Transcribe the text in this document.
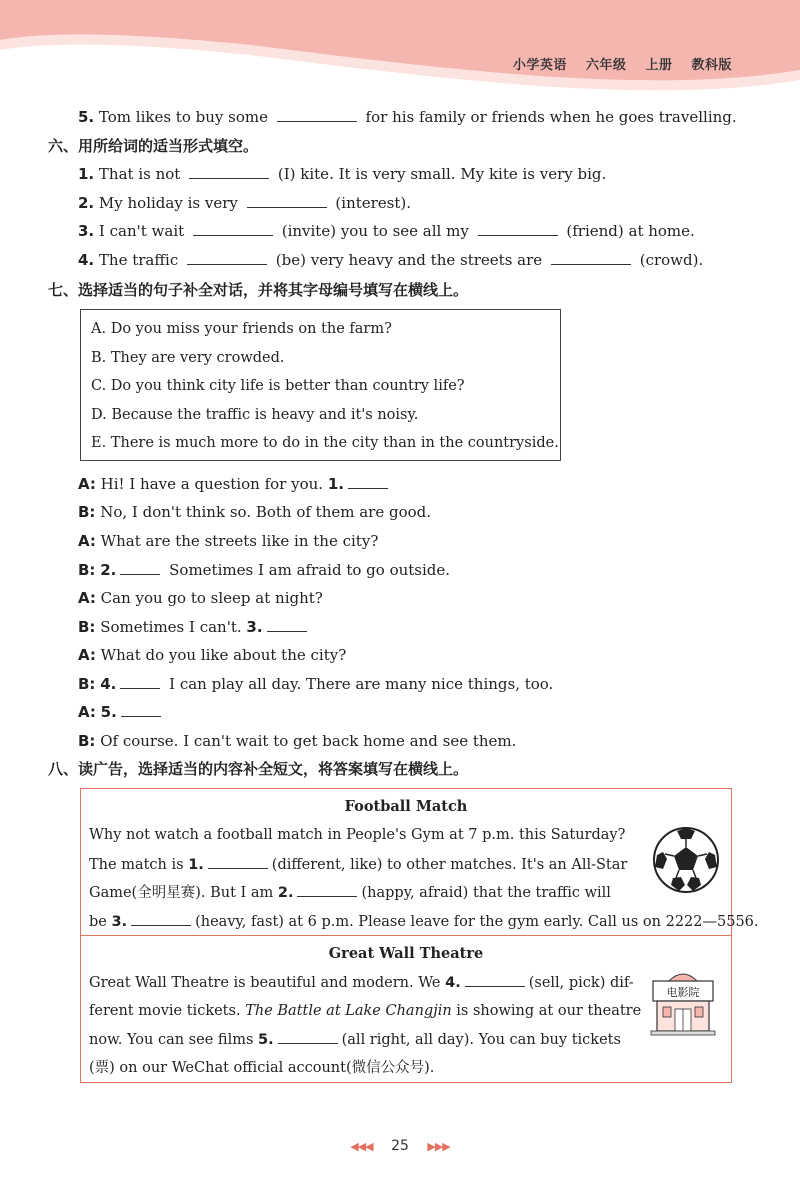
小学英语 六年级 上册 教科版
5. Tom likes to buy some	for his family or friends when he goes travelling.
六、用所给词的适当形式填空。
1. That is not	(I) kite. It is very small. My kite is very big.
2. My holiday is very	(interest).
3. I can't wait	(invite) you to see all my	(friend) at home.
4. The traffic	(be) very heavy and the streets are	(crowd).
七、选择适当的句子补全对话，并将其字母编号填写在横线上。
A. Do you miss your friends on the farm?
B. They are very crowded.
C. Do you think city life is better than country life?
D. Because the traffic is heavy and it's noisy.
E. There is much more to do in the city than in the countryside.
A: Hi! I have a question for you. 1.
B: No, I don't think so. Both of them are good.
A: What are the streets like in the city?
B: 2.	Sometimes I am afraid to go outside.
A: Can you go to sleep at night?
B: Sometimes I can't. 3.
A: What do you like about the city?
B: 4.	I can play all day. There are many nice things, too.
A: 5.
B: Of course. I can't wait to get back home and see them.
八、读广告，选择适当的内容补全短文，将答案填写在横线上。
Football Match
Why not watch a football match in People's Gym at 7 p.m. this Saturday?
The match is 1.	(different, like) to other matches. It's an All-Star
Game(全明星赛). But I am 2.	(happy, afraid) that the traffic will
be 3.	(heavy, fast) at 6 p.m. Please leave for the gym early. Call us on 2222—5556.
Great Wall Theatre
Great Wall Theatre is beautiful and modern. We 4.	(sell, pick) dif-
ferent movie tickets. The Battle at Lake Changjin is showing at our theatre
now. You can see films 5.	(all right, all day). You can buy tickets
(票) on our WeChat official account(微信公众号).
电影院
◀◀◀ 25 ▶▶▶
